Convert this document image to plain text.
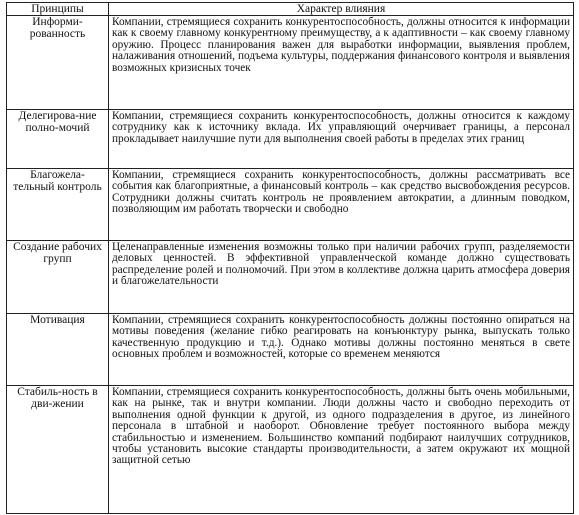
Принципы	Характер влияния
Информи-рованность	Компании, стремящиеся сохранить конкурентоспособность, должны относится к информации как к своему главному конкурентному преимуществу, а к адаптивности – как своему главному оружию. Процесс планирования важен для выработки информации, выявления проблем, налаживания отношений, подъема культуры, поддержания финансового контроля и выявления возможных кризисных точек
Делегирова-ние полно-мочий	Компании, стремящиеся сохранить конкурентоспособность, должны относится к каждому сотруднику как к источнику вклада. Их управляющий очерчивает границы, а персонал прокладывает наилучшие пути для выполнения своей работы в пределах этих границ
Благожела-тельный контроль	Компании, стремящиеся сохранить конкурентоспособность, должны рассматривать все события как благоприятные, а финансовый контроль – как средство высвобождения ресурсов. Сотрудники должны считать контроль не проявлением автократии, а длинным поводком, позволяющим им работать творчески и свободно
Создание рабочих групп	Целенаправленные изменения возможны только при наличии рабочих групп, разделяемости деловых ценностей. В эффективной управленческой команде должно существовать распределение ролей и полномочий. При этом в коллективе должна царить атмосфера доверия и благожелательности
Мотивация	Компании, стремящиеся сохранить конкурентоспособность должны постоянно опираться на мотивы поведения (желание гибко реагировать на конъюнктуру рынка, выпускать только качественную продукцию и т.д.). Однако мотивы должны постоянно меняться в свете основных проблем и возможностей, которые со временем меняются
Стабиль-ность в дви-жении	Компании, стремящиеся сохранить конкурентоспособность, должны быть очень мобильными, как на рынке, так и внутри компании. Люди должны часто и свободно переходить от выполнения одной функции к другой, из одного подразделения в другое, из линейного персонала в штабной и наоборот. Обновление требует постоянного выбора между стабильностью и изменением. Большинство компаний подбирают наилучших сотрудников, чтобы установить высокие стандарты производительности, а затем окружают их мощной защитной сетью
